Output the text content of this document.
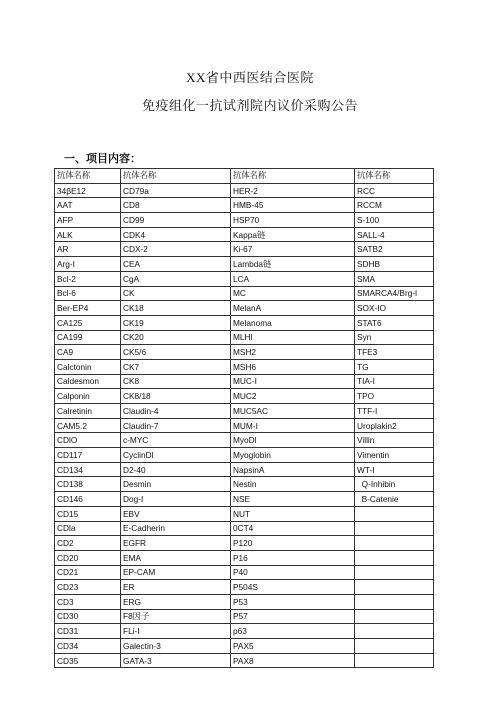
XX省中西医结合医院
免疫组化一抗试剂院内议价采购公告
一、项目内容：
抗体名称	抗体名称	抗体名称	抗体名称
34βE12	CD79a	HER-2	RCC
AAT	CD8	HMB-45	RCCM
AFP	CD99	HSP70	S-100
ALK	CDK4	Kappa链	SALL-4
AR	CDX-2	Ki-67	SATB2
Arg-I	CEA	Lambda链	SDHB
Bcl-2	CgA	LCA	SMA
Bcl-6	CK	MC	SMARCA4/Brg-l
Ber-EP4	CK18	MelanA	SOX-IO
CA125	CK19	Melanoma	STAT6
CA199	CK20	MLHl	Syn
CA9	CK5/6	MSH2	TFE3
Calctonin	CK7	MSH6	TG
Caldesmon	CK8	MUC-I	TIA-I
Calponin	CK8/18	MUC2	TPO
Calretinin	Claudin-4	MUC5AC	TTF-I
CAM5.2	Claudin-7	MUM-I	Uroplakin2
CDlO	c-MYC	MyoDl	Villin
CD117	CyclinDl	Myoglobin	Vimentin
CD134	D2-40	NapsinA	WT-I
CD138	Desmin	Nestin	Q-Inhibin
CD146	Dog-I	NSE	B-Catenie
CD15	EBV	NUT	
CDla	E-Cadherin	0CT4	
CD2	EGFR	P120	
CD20	EMA	P16	
CD21	EP-CAM	P40	
CD23	ER	P504S	
CD3	ERG	P53	
CD30	F8因子	P57	
CD31	FLi-I	p63	
CD34	Galectin-3	PAX5	
CD35	GATA-3	PAX8	
